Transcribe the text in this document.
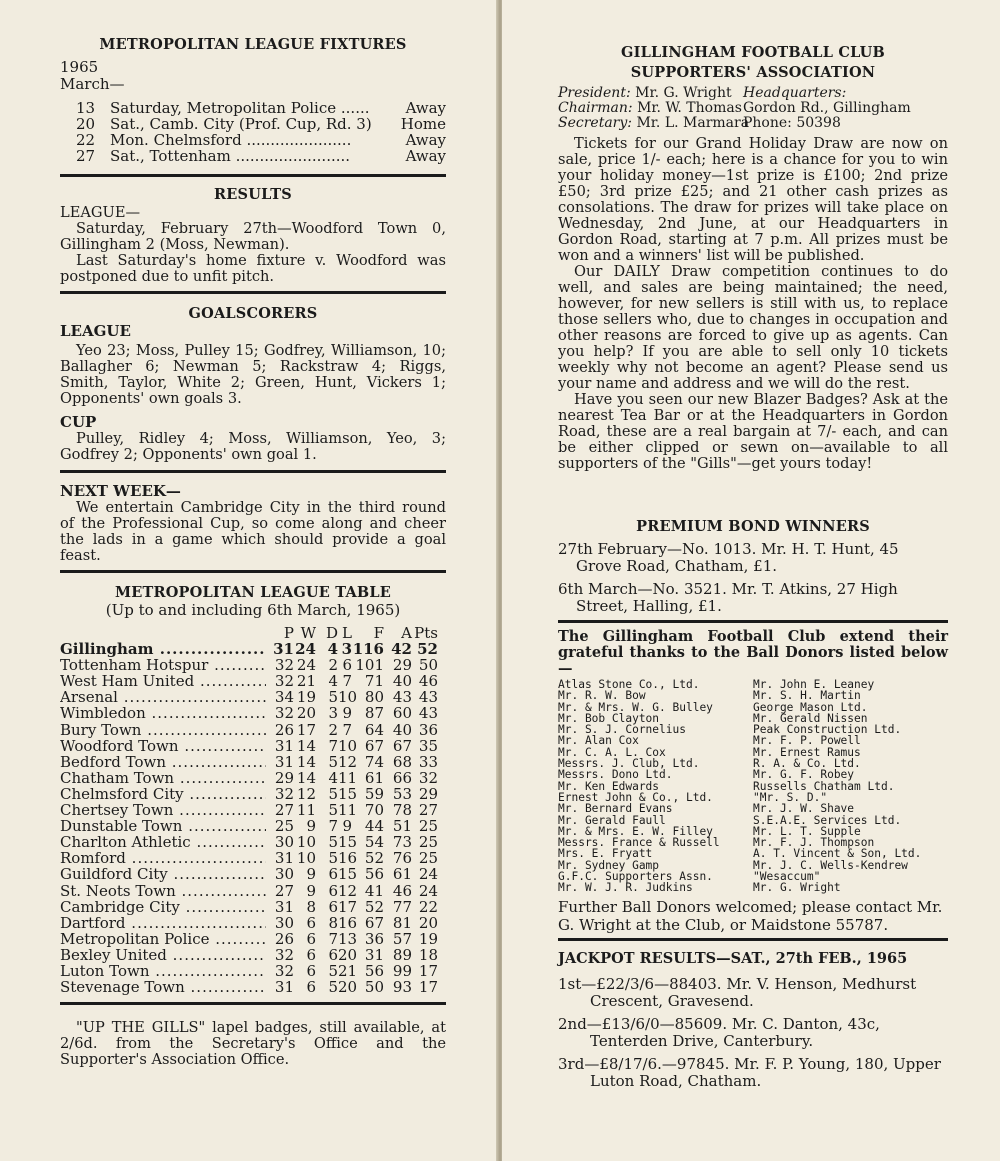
METROPOLITAN LEAGUE FIXTURES

1965

March—

13 Saturday, Metropolitan Police ......	Away
20 Sat., Camb. City (Prof. Cup, Rd. 3)	Home
22 Mon. Chelmsford ......................	Away
27 Sat., Tottenham ........................	Away
RESULTS

LEAGUE—

Saturday, February 27th—Woodford Town 0, Gillingham 2 (Moss, Newman).

Last Saturday's home fixture v. Woodford was postponed due to unfit pitch.

GOALSCORERS

LEAGUE

Yeo 23; Moss, Pulley 15; Godfrey, Williamson, 10; Ballagher 6; Newman 5; Rackstraw 4; Riggs, Smith, Taylor, White 2; Green, Hunt, Vickers 1; Opponents' own goals 3.

CUP

Pulley, Ridley 4; Moss, Williamson, Yeo, 3; Godfrey 2; Opponents' own goal 1.

NEXT WEEK—

We entertain Cambridge City in the third round of the Professional Cup, so come along and cheer the lads in a game which should provide a goal feast.

METROPOLITAN LEAGUE TABLE

(Up to and including 6th March, 1965)

P W D L	F	A Pts
Gillingham .....	31 24 4 3 116 42 52
Tottenham Hotspur .....	32 24 2 6 101 29 50
West Ham United .....	32 21 4 7 71 40 46
Arsenal .....	34 19 5 10 80 43 43
Wimbledon .....	32 20 3 9 87 60 43
Bury Town .....	26 17 2 7 64 40 36
Woodford Town .....	31 14 7 10 67 67 35
Bedford Town .....	31 14 5 12 74 68 33
Chatham Town .....	29 14 4 11 61 66 32
Chelmsford City .....	32 12 5 15 59 53 29
Chertsey Town .....	27 11 5 11 70 78 27
Dunstable Town .....	25 9 7 9 44 51 25
Charlton Athletic .....	30 10 5 15 54 73 25
Romford .....	31 10 5 16 52 76 25
Guildford City .....	30 9 6 15 56 61 24
St. Neots Town .....	27 9 6 12 41 46 24
Cambridge City .....	31 8 6 17 52 77 22
Dartford .....	30 6 8 16 67 81 20
Metropolitan Police .....	26 6 7 13 36 57 19
Bexley United .....	32 6 6 20 31 89 18
Luton Town .....	32 6 5 21 56 99 17
Stevenage Town .....	31 6 5 20 50 93 17

"UP THE GILLS" lapel badges, still available, at 2/6d. from the Secretary's Office and the Supporter's Association Office.

GILLINGHAM FOOTBALL CLUB
SUPPORTERS' ASSOCIATION
President: Mr. G. Wright Headquarters:
Chairman: Mr. W. Thomas Gordon Rd., Gillingham
Secretary: Mr. L. Marmara
Phone: 50398

Tickets for our Grand Holiday Draw are now on sale, price 1/- each; here is a chance for you to win your holiday money—1st prize is £100; 2nd prize £50; 3rd prize £25; and 21 other cash prizes as consolations. The draw for prizes will take place on Wednesday, 2nd June, at our Headquarters in Gordon Road, starting at 7 p.m. All prizes must be won and a winners' list will be published.

Our DAILY Draw competition continues to do well, and sales are being maintained; the need, however, for new sellers is still with us, to replace those sellers who, due to changes in occupation and other reasons are forced to give up as agents. Can you help? If you are able to sell only 10 tickets weekly why not become an agent? Please send us your name and address and we will do the rest.

Have you seen our new Blazer Badges? Ask at the nearest Tea Bar or at the Headquarters in Gordon Road, these are a real bargain at 7/- each, and can be either clipped or sewn on—available to all supporters of the "Gills"—get yours today!

PREMIUM BOND WINNERS

27th February—No. 1013. Mr. H. T. Hunt, 45 Grove Road, Chatham, £1.

6th March—No. 3521. Mr. T. Atkins, 27 High Street, Halling, £1.

The Gillingham Football Club extend their grateful thanks to the Ball Donors listed below—

Atlas Stone Co., Ltd.
Mr. R. W. Bow
Mr. & Mrs. W. G. Bulley
Mr. Bob Clayton
Mr. S. J. Cornelius
Mr. Alan Cox
Mr. C. A. L. Cox
Messrs. J. Club, Ltd.
Messrs. Dono Ltd.
Mr. Ken Edwards
Ernest John & Co., Ltd.
Mr. Bernard Evans
Mr. Gerald Faull
Mr. & Mrs. E. W. Filley
Messrs. France & Russell
Mrs. E. Fryatt
Mr. Sydney Gamp
G.F.C. Supporters Assn.
Mr. W. J. R. Judkins
Mr. John E. Leaney
Mr. S. H. Martin
George Mason Ltd.
Mr. Gerald Nissen
Peak Construction Ltd.
Mr. F. P. Powell
Mr. Ernest Ramus
R. A. & Co. Ltd.
Mr. G. F. Robey
Russells Chatham Ltd.
"Mr. S. D."
Mr. J. W. Shave
S.E.A.E. Services Ltd.
Mr. L. T. Supple
Mr. F. J. Thompson
A. T. Vincent & Son, Ltd.
Mr. J. C. Wells-Kendrew
"Wesaccum"
Mr. G. Wright

Further Ball Donors welcomed; please contact Mr. G. Wright at the Club, or Maidstone 55787.

JACKPOT RESULTS—SAT., 27th FEB., 1965

1st—£22/3/6—88403. Mr. V. Henson, Medhurst Crescent, Gravesend.

2nd—£13/6/0—85609. Mr. C. Danton, 43c, Tenterden Drive, Canterbury.

3rd—£8/17/6.—97845. Mr. F. P. Young, 180, Upper Luton Road, Chatham.
